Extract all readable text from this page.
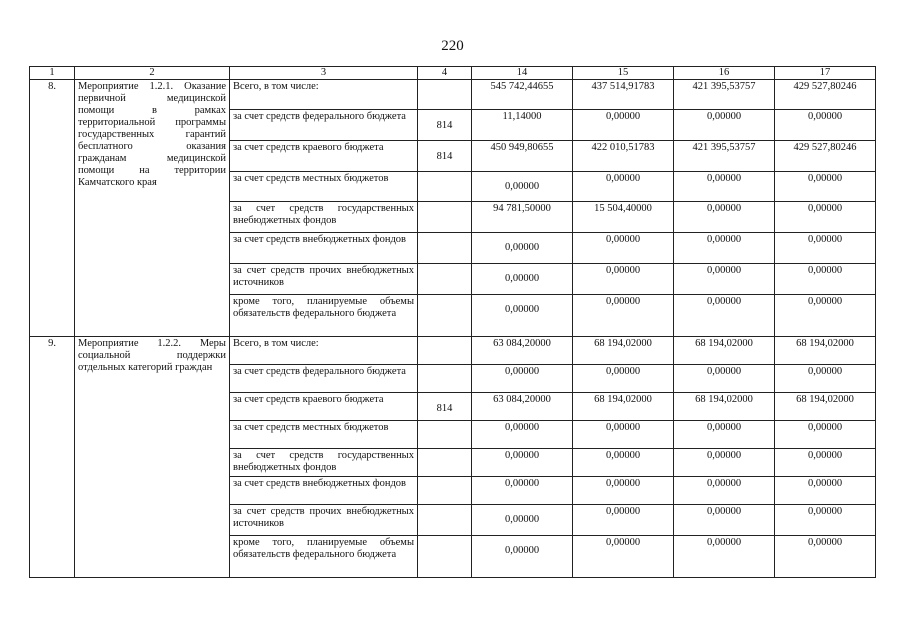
220
1	2	3	4	14	15	16	17
8.	Мероприятие 1.2.1. Оказание первичной медицинской помощи в рамках территориальной программы государственных гарантий бесплатного оказания гражданам медицинской помощи на территории Камчатского края	Всего, в том числе:		545 742,44655	437 514,91783	421 395,53757	429 527,80246
		за счет средств федерального бюджета	814	11,14000	0,00000	0,00000	0,00000
		за счет средств краевого бюджета	814	450 949,80655	422 010,51783	421 395,53757	429 527,80246
		за счет средств местных бюджетов		0,00000	0,00000	0,00000	0,00000
		за счет средств государственных внебюджетных фондов		94 781,50000	15 504,40000	0,00000	0,00000
		за счет средств внебюджетных фондов		0,00000	0,00000	0,00000	0,00000
		за счет средств прочих внебюджетных источников		0,00000	0,00000	0,00000	0,00000
		кроме того, планируемые объемы обязательств федерального бюджета		0,00000	0,00000	0,00000	0,00000
9.	Мероприятие 1.2.2. Меры социальной поддержки отдельных категорий граждан	Всего, в том числе:		63 084,20000	68 194,02000	68 194,02000	68 194,02000
		за счет средств федерального бюджета		0,00000	0,00000	0,00000	0,00000
		за счет средств краевого бюджета	814	63 084,20000	68 194,02000	68 194,02000	68 194,02000
		за счет средств местных бюджетов		0,00000	0,00000	0,00000	0,00000
		за счет средств государственных внебюджетных фондов		0,00000	0,00000	0,00000	0,00000
		за счет средств внебюджетных фондов		0,00000	0,00000	0,00000	0,00000
		за счет средств прочих внебюджетных источников		0,00000	0,00000	0,00000	0,00000
		кроме того, планируемые объемы обязательств федерального бюджета		0,00000	0,00000	0,00000	0,00000
